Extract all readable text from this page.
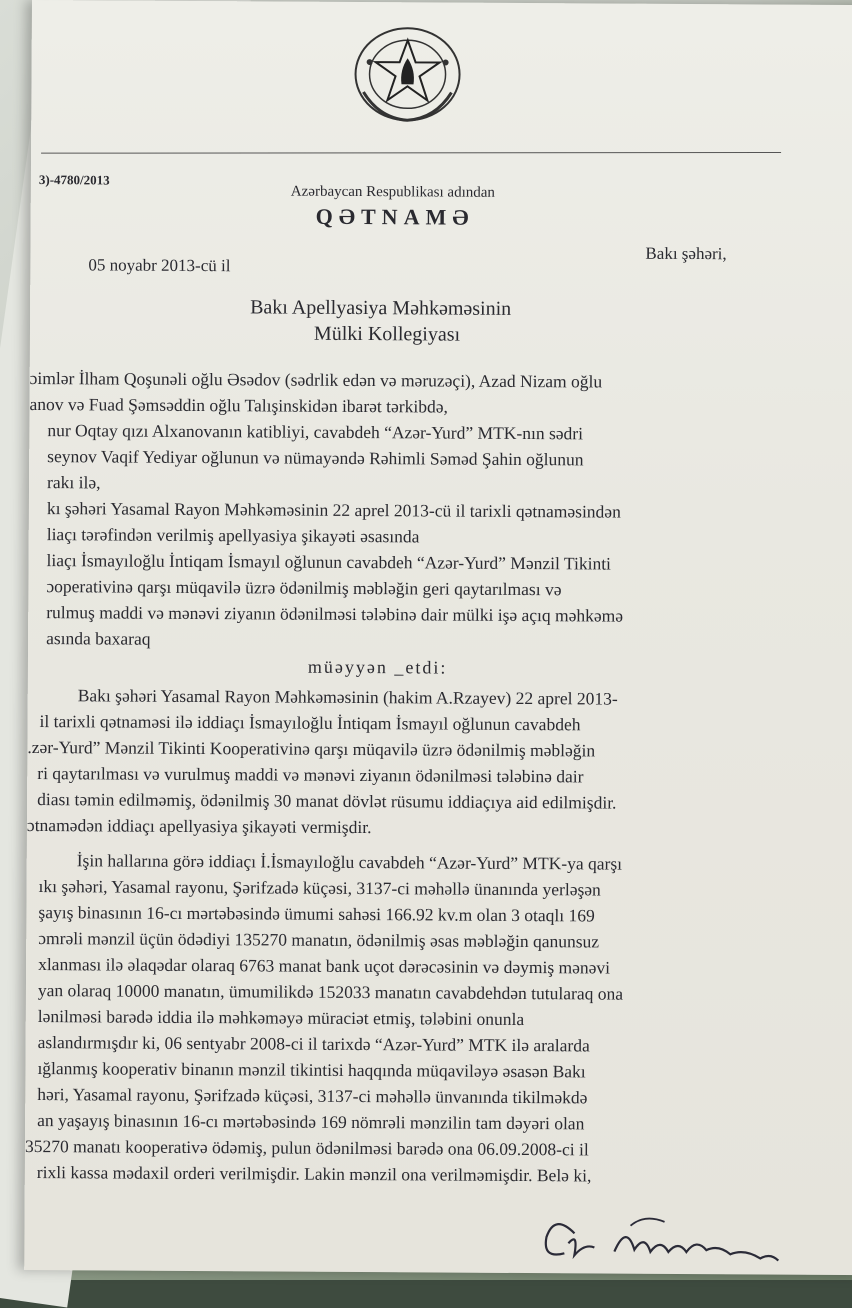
3)-4780/2013
Azərbaycan Respublikası adından
QƏTNAMƏ
05 noyabr 2013-cü il
Bakı şəhəri,
Bakı Apellyasiya Məhkəməsinin
Mülki Kollegiyası
ɔimlər İlham Qoşunəli oğlu Əsədov (sədrlik edən və məruzəçi), Azad Nizam oğlu
anov və Fuad Şəmsəddin oğlu Talışinskidən ibarət tərkibdə,
nur Oqtay qızı Alxanovanın katibliyi, cavabdeh “Azər-Yurd” MTK-nın sədri
seynov Vaqif Yediyar oğlunun və nümayəndə Rəhimli Səməd Şahin oğlunun
rakı ilə,
kı şəhəri Yasamal Rayon Məhkəməsinin 22 aprel 2013-cü il tarixli qətnaməsindən
liaçı tərəfindən verilmiş apellyasiya şikayəti əsasında
liaçı İsmayıloğlu İntiqam İsmayıl oğlunun cavabdeh “Azər-Yurd” Mənzil Tikinti
ɔoperativinə qarşı müqavilə üzrə ödənilmiş məbləğin geri qaytarılması və
rulmuş maddi və mənəvi ziyanın ödənilməsi tələbinə dair mülki işə açıq məhkəmə
asında baxaraq
müəyyən _etdi:
Bakı şəhəri Yasamal Rayon Məhkəməsinin (hakim A.Rzayev) 22 aprel 2013-
il tarixli qətnaməsi ilə iddiaçı İsmayıloğlu İntiqam İsmayıl oğlunun cavabdeh
.zər-Yurd” Mənzil Tikinti Kooperativinə qarşı müqavilə üzrə ödənilmiş məbləğin
ri qaytarılması və vurulmuş maddi və mənəvi ziyanın ödənilməsi tələbinə dair
diası təmin edilməmiş, ödənilmiş 30 manat dövlət rüsumu iddiaçıya aid edilmişdir.
ɔtnamədən iddiaçı apellyasiya şikayəti vermişdir.
İşin hallarına görə iddiaçı İ.İsmayıloğlu cavabdeh “Azər-Yurd” MTK-ya qarşı
ıkı şəhəri, Yasamal rayonu, Şərifzadə küçəsi, 3137-ci məhəllə ünanında yerləşən
şayış binasının 16-cı mərtəbəsində ümumi sahəsi 166.92 kv.m olan 3 otaqlı 169
ɔmrəli mənzil üçün ödədiyi 135270 manatın, ödənilmiş əsas məbləğin qanunsuz
xlanması ilə əlaqədar olaraq 6763 manat bank uçot dərəcəsinin və dəymiş mənəvi
yan olaraq 10000 manatın, ümumilikdə 152033 manatın cavabdehdən tutularaq ona
lənilməsi barədə iddia ilə məhkəməyə müraciət etmiş, tələbini onunla
aslandırmışdır ki, 06 sentyabr 2008-ci il tarixdə “Azər-Yurd” MTK ilə aralarda
ığlanmış kooperativ binanın mənzil tikintisi haqqında müqaviləyə əsasən Bakı
həri, Yasamal rayonu, Şərifzadə küçəsi, 3137-ci məhəllə ünvanında tikilməkdə
an yaşayış binasının 16-cı mərtəbəsində 169 nömrəli mənzilin tam dəyəri olan
35270 manatı kooperativə ödəmiş, pulun ödənilməsi barədə ona 06.09.2008-ci il
rixli kassa mədaxil orderi verilmişdir. Lakin mənzil ona verilməmişdir. Belə ki,
